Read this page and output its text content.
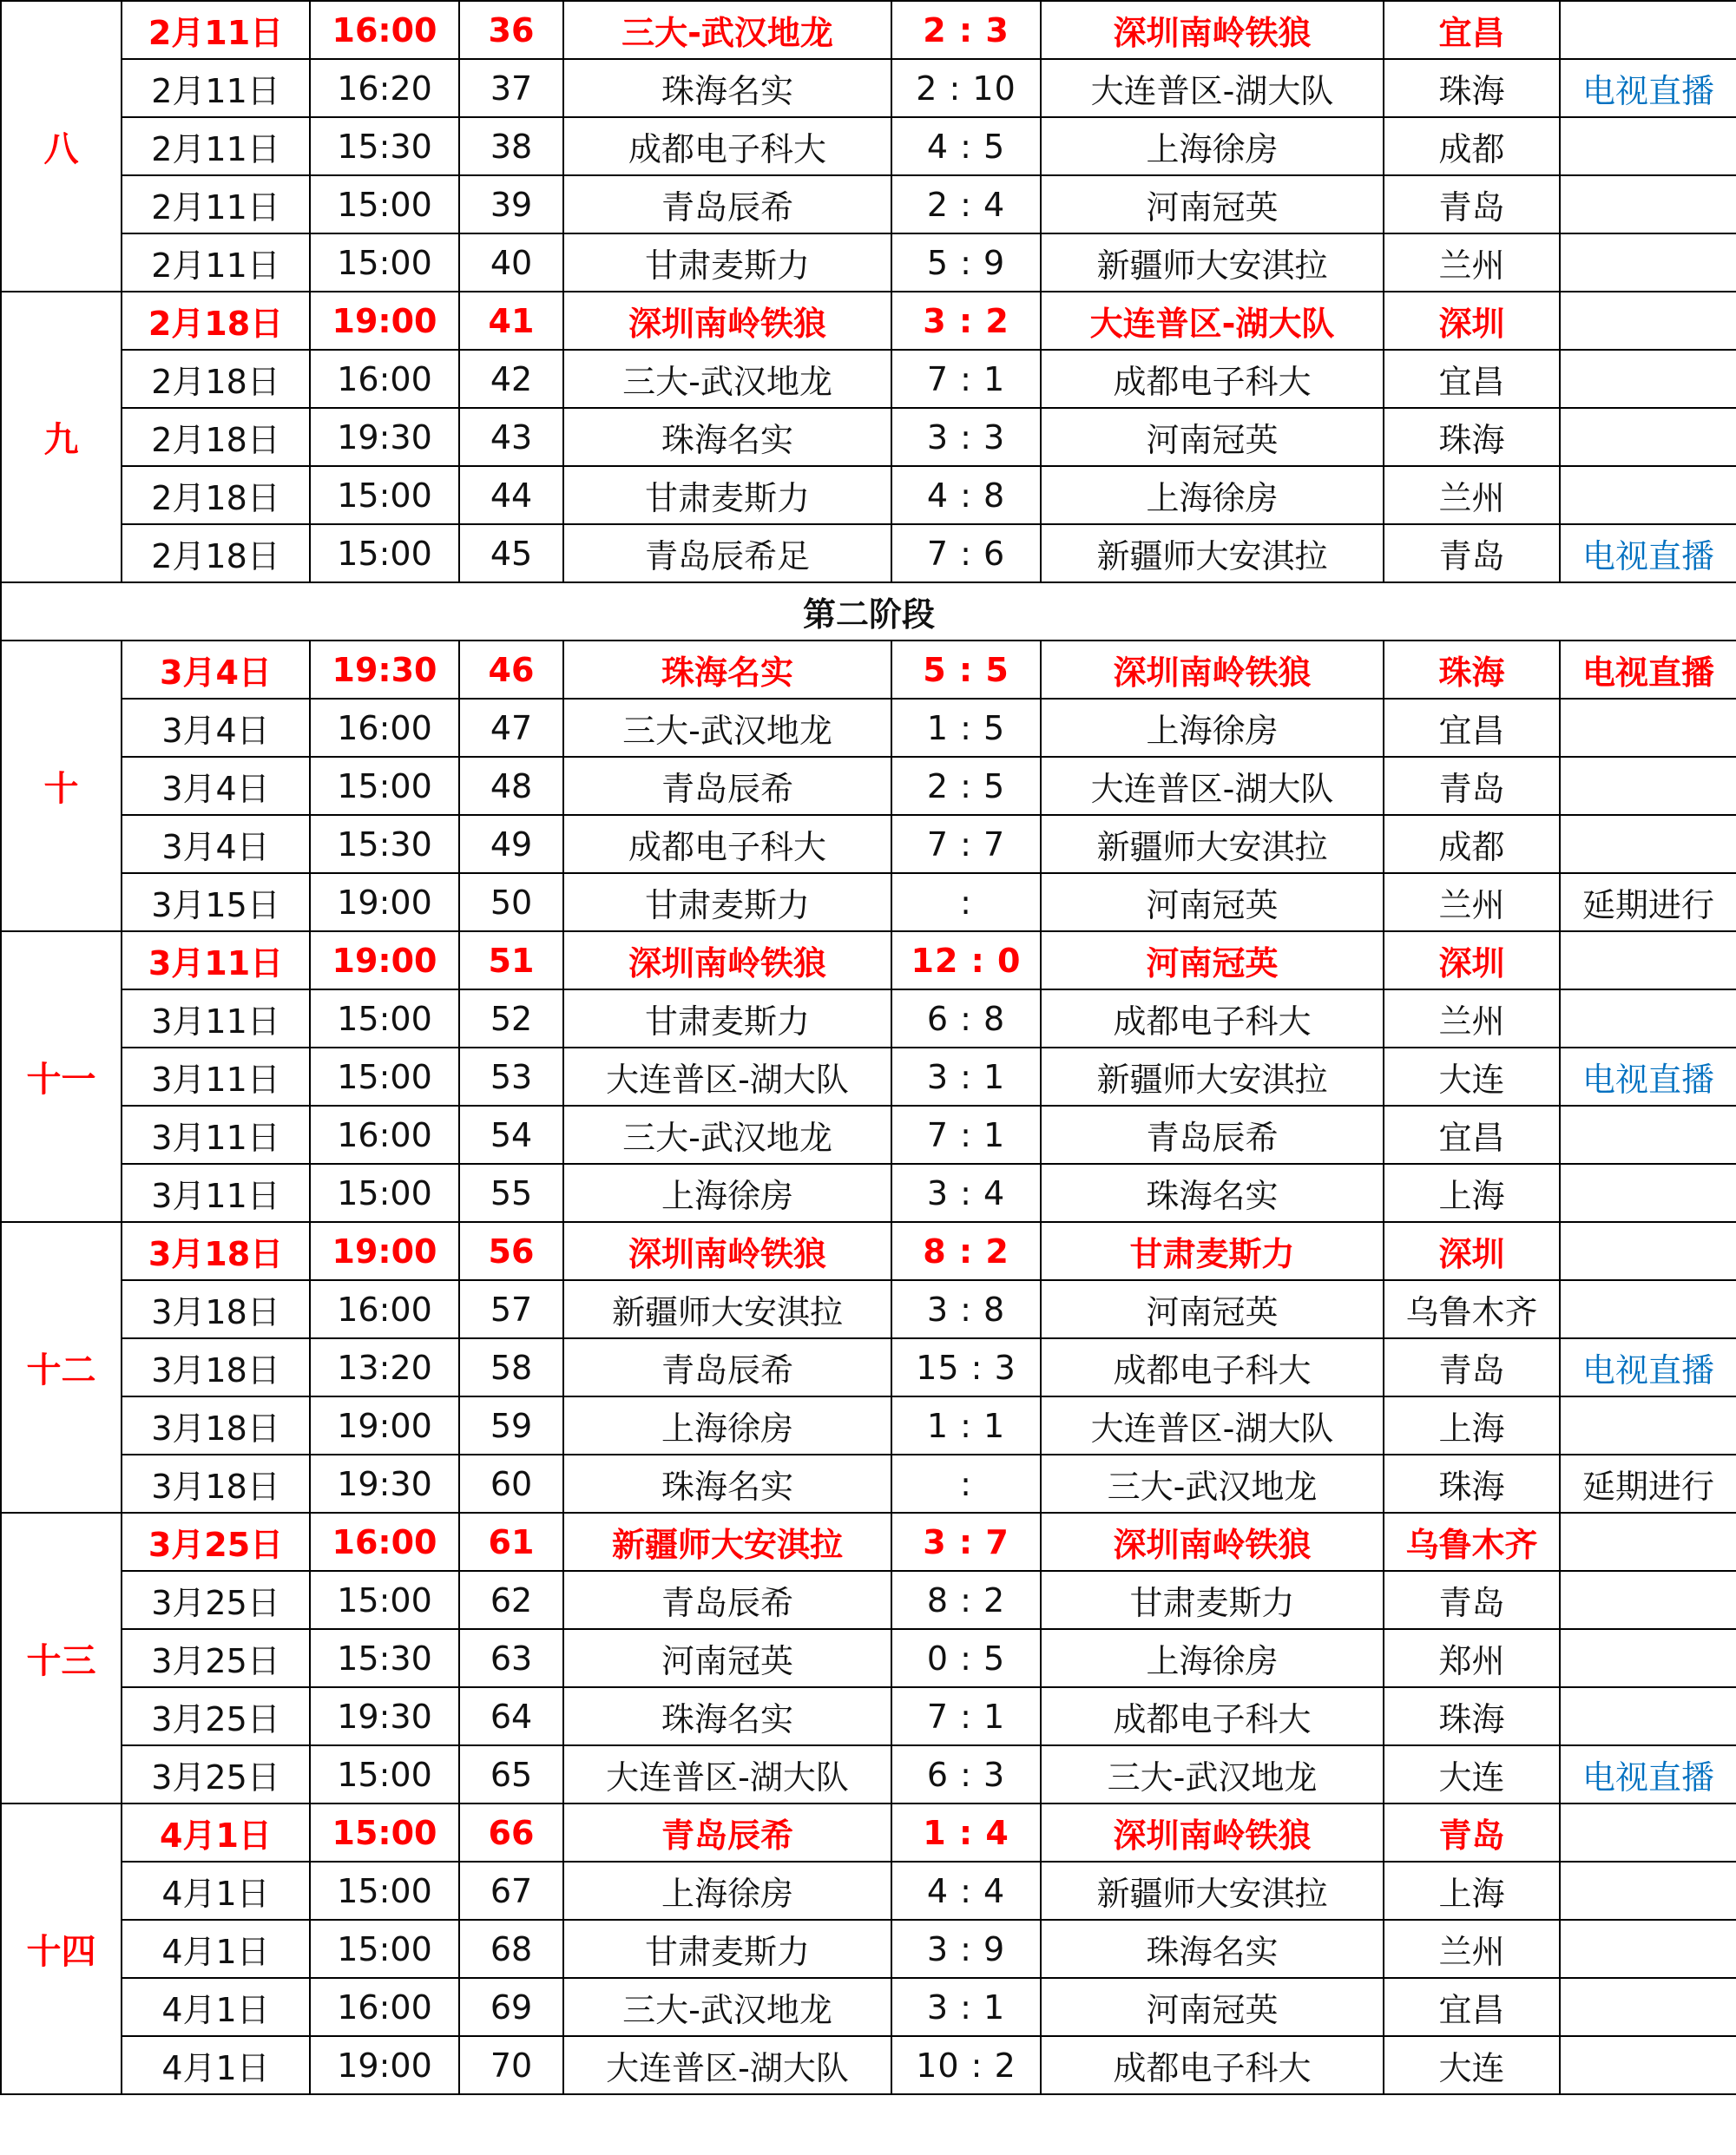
八	2月11日	16:00	36	三大-武汉地龙	2 : 3	深圳南岭铁狼	宜昌	
	2月11日	16:20	37	珠海名实	2 : 10	大连普区-湖大队	珠海	电视直播
	2月11日	15:30	38	成都电子科大	4 : 5	上海徐房	成都	
	2月11日	15:00	39	青岛辰希	2 : 4	河南冠英	青岛	
	2月11日	15:00	40	甘肃麦斯力	5 : 9	新疆师大安淇拉	兰州	
九	2月18日	19:00	41	深圳南岭铁狼	3 : 2	大连普区-湖大队	深圳	
	2月18日	16:00	42	三大-武汉地龙	7 : 1	成都电子科大	宜昌	
	2月18日	19:30	43	珠海名实	3 : 3	河南冠英	珠海	
	2月18日	15:00	44	甘肃麦斯力	4 : 8	上海徐房	兰州	
	2月18日	15:00	45	青岛辰希足	7 : 6	新疆师大安淇拉	青岛	电视直播
第二阶段								
十	3月4日	19:30	46	珠海名实	5 : 5	深圳南岭铁狼	珠海	电视直播
	3月4日	16:00	47	三大-武汉地龙	1 : 5	上海徐房	宜昌	
	3月4日	15:00	48	青岛辰希	2 : 5	大连普区-湖大队	青岛	
	3月4日	15:30	49	成都电子科大	7 : 7	新疆师大安淇拉	成都	
	3月15日	19:00	50	甘肃麦斯力	:	河南冠英	兰州	延期进行
十一	3月11日	19:00	51	深圳南岭铁狼	12 : 0	河南冠英	深圳	
	3月11日	15:00	52	甘肃麦斯力	6 : 8	成都电子科大	兰州	
	3月11日	15:00	53	大连普区-湖大队	3 : 1	新疆师大安淇拉	大连	电视直播
	3月11日	16:00	54	三大-武汉地龙	7 : 1	青岛辰希	宜昌	
	3月11日	15:00	55	上海徐房	3 : 4	珠海名实	上海	
十二	3月18日	19:00	56	深圳南岭铁狼	8 : 2	甘肃麦斯力	深圳	
	3月18日	16:00	57	新疆师大安淇拉	3 : 8	河南冠英	乌鲁木齐	
	3月18日	13:20	58	青岛辰希	15 : 3	成都电子科大	青岛	电视直播
	3月18日	19:00	59	上海徐房	1 : 1	大连普区-湖大队	上海	
	3月18日	19:30	60	珠海名实	:	三大-武汉地龙	珠海	延期进行
十三	3月25日	16:00	61	新疆师大安淇拉	3 : 7	深圳南岭铁狼	乌鲁木齐	
	3月25日	15:00	62	青岛辰希	8 : 2	甘肃麦斯力	青岛	
	3月25日	15:30	63	河南冠英	0 : 5	上海徐房	郑州	
	3月25日	19:30	64	珠海名实	7 : 1	成都电子科大	珠海	
	3月25日	15:00	65	大连普区-湖大队	6 : 3	三大-武汉地龙	大连	电视直播
十四	4月1日	15:00	66	青岛辰希	1 : 4	深圳南岭铁狼	青岛	
	4月1日	15:00	67	上海徐房	4 : 4	新疆师大安淇拉	上海	
	4月1日	15:00	68	甘肃麦斯力	3 : 9	珠海名实	兰州	
	4月1日	16:00	69	三大-武汉地龙	3 : 1	河南冠英	宜昌	
	4月1日	19:00	70	大连普区-湖大队	10 : 2	成都电子科大	大连	
